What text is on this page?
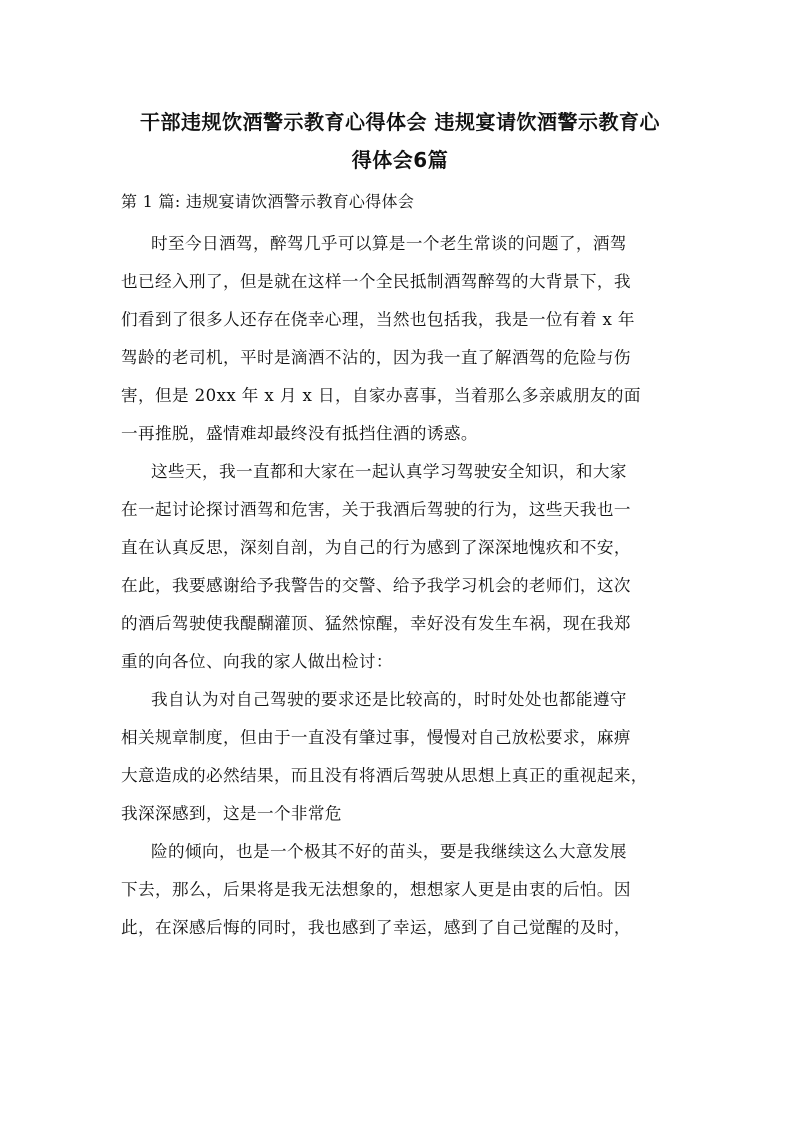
干部违规饮酒警示教育心得体会 违规宴请饮酒警示教育心
得体会6篇
第 1 篇: 违规宴请饮酒警示教育心得体会
时至今日酒驾，醉驾几乎可以算是一个老生常谈的问题了，酒驾
也已经入刑了，但是就在这样一个全民抵制酒驾醉驾的大背景下，我
们看到了很多人还存在侥幸心理，当然也包括我，我是一位有着 x 年
驾龄的老司机，平时是滴酒不沾的，因为我一直了解酒驾的危险与伤
害，但是 20xx 年 x 月 x 日，自家办喜事，当着那么多亲戚朋友的面
一再推脱，盛情难却最终没有抵挡住酒的诱惑。
这些天，我一直都和大家在一起认真学习驾驶安全知识，和大家
在一起讨论探讨酒驾和危害，关于我酒后驾驶的行为，这些天我也一
直在认真反思，深刻自剖，为自己的行为感到了深深地愧疚和不安，
在此，我要感谢给予我警告的交警、给予我学习机会的老师们，这次
的酒后驾驶使我醍醐灌顶、猛然惊醒，幸好没有发生车祸，现在我郑
重的向各位、向我的家人做出检讨：
我自认为对自己驾驶的要求还是比较高的，时时处处也都能遵守
相关规章制度，但由于一直没有肇过事，慢慢对自己放松要求，麻痹
大意造成的必然结果，而且没有将酒后驾驶从思想上真正的重视起来，
我深深感到，这是一个非常危
险的倾向，也是一个极其不好的苗头，要是我继续这么大意发展
下去，那么，后果将是我无法想象的，想想家人更是由衷的后怕。因
此，在深感后悔的同时，我也感到了幸运，感到了自己觉醒的及时，
